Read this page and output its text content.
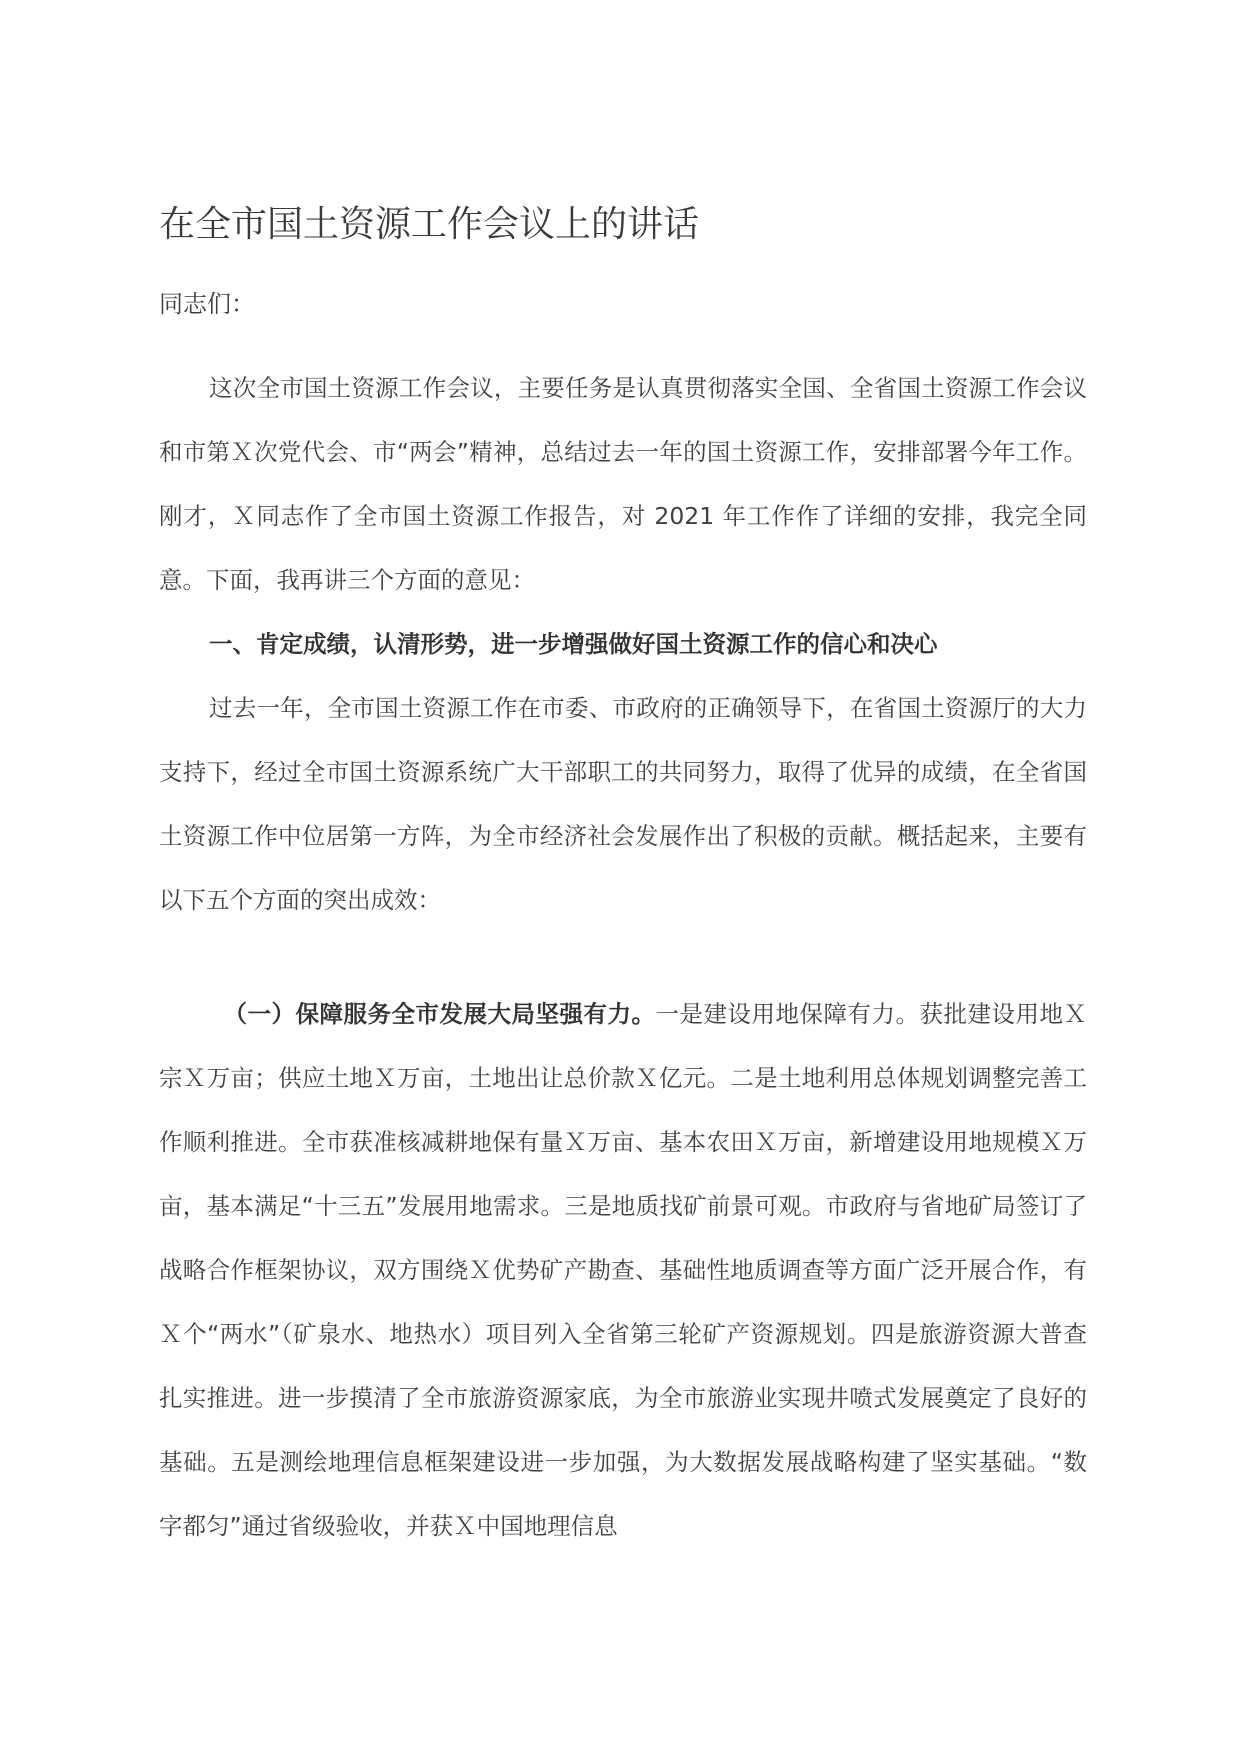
在全市国土资源工作会议上的讲话

同志们：

这次全市国土资源工作会议，主要任务是认真贯彻落实全国、全省国土资源工作会议和市第Ｘ次党代会、市“两会”精神，总结过去一年的国土资源工作，安排部署今年工作。刚才，Ｘ同志作了全市国土资源工作报告，对 2021 年工作作了详细的安排，我完全同意。下面，我再讲三个方面的意见：

一、肯定成绩，认清形势，进一步增强做好国土资源工作的信心和决心

过去一年，全市国土资源工作在市委、市政府的正确领导下，在省国土资源厅的大力支持下，经过全市国土资源系统广大干部职工的共同努力，取得了优异的成绩，在全省国土资源工作中位居第一方阵，为全市经济社会发展作出了积极的贡献。概括起来，主要有以下五个方面的突出成效：

（一）保障服务全市发展大局坚强有力。一是建设用地保障有力。获批建设用地Ｘ宗Ｘ万亩；供应土地Ｘ万亩，土地出让总价款Ｘ亿元。二是土地利用总体规划调整完善工作顺利推进。全市获准核减耕地保有量Ｘ万亩、基本农田Ｘ万亩，新增建设用地规模Ｘ万亩，基本满足“十三五”发展用地需求。三是地质找矿前景可观。市政府与省地矿局签订了战略合作框架协议，双方围绕Ｘ优势矿产勘查、基础性地质调查等方面广泛开展合作，有Ｘ个“两水”（矿泉水、地热水）项目列入全省第三轮矿产资源规划。四是旅游资源大普查扎实推进。进一步摸清了全市旅游资源家底，为全市旅游业实现井喷式发展奠定了良好的基础。五是测绘地理信息框架建设进一步加强，为大数据发展战略构建了坚实基础。“数字都匀”通过省级验收，并获Ｘ中国地理信息
